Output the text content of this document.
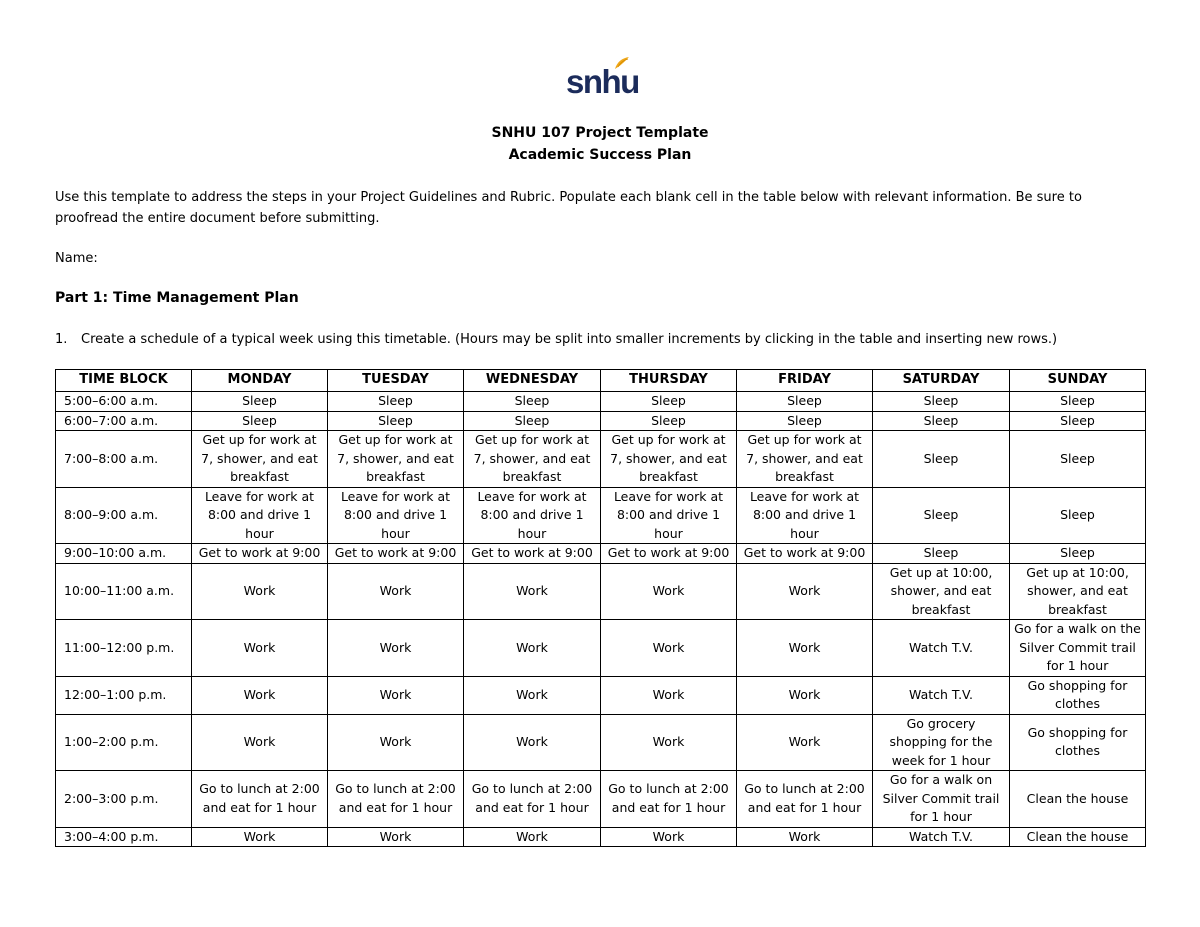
snhu
SNHU 107 Project Template
Academic Success Plan
Use this template to address the steps in your Project Guidelines and Rubric. Populate each blank cell in the table below with relevant information. Be sure to proofread the entire document before submitting.
Name:
Part 1: Time Management Plan
1. Create a schedule of a typical week using this timetable. (Hours may be split into smaller increments by clicking in the table and inserting new rows.)
TIME BLOCK	MONDAY	TUESDAY	WEDNESDAY	THURSDAY	FRIDAY	SATURDAY	SUNDAY
5:00–6:00 a.m.	Sleep	Sleep	Sleep	Sleep	Sleep	Sleep	Sleep
6:00–7:00 a.m.	Sleep	Sleep	Sleep	Sleep	Sleep	Sleep	Sleep
7:00–8:00 a.m.	Get up for work at 7, shower, and eat breakfast	Get up for work at 7, shower, and eat breakfast	Get up for work at 7, shower, and eat breakfast	Get up for work at 7, shower, and eat breakfast	Get up for work at 7, shower, and eat breakfast	Sleep	Sleep
8:00–9:00 a.m.	Leave for work at 8:00 and drive 1 hour	Leave for work at 8:00 and drive 1 hour	Leave for work at 8:00 and drive 1 hour	Leave for work at 8:00 and drive 1 hour	Leave for work at 8:00 and drive 1 hour	Sleep	Sleep
9:00–10:00 a.m.	Get to work at 9:00	Get to work at 9:00	Get to work at 9:00	Get to work at 9:00	Get to work at 9:00	Sleep	Sleep
10:00–11:00 a.m.	Work	Work	Work	Work	Work	Get up at 10:00, shower, and eat breakfast	Get up at 10:00, shower, and eat breakfast
11:00–12:00 p.m.	Work	Work	Work	Work	Work	Watch T.V.	Go for a walk on the Silver Commit trail for 1 hour
12:00–1:00 p.m.	Work	Work	Work	Work	Work	Watch T.V.	Go shopping for clothes
1:00–2:00 p.m.	Work	Work	Work	Work	Work	Go grocery shopping for the week for 1 hour	Go shopping for clothes
2:00–3:00 p.m.	Go to lunch at 2:00 and eat for 1 hour	Go to lunch at 2:00 and eat for 1 hour	Go to lunch at 2:00 and eat for 1 hour	Go to lunch at 2:00 and eat for 1 hour	Go to lunch at 2:00 and eat for 1 hour	Go for a walk on Silver Commit trail for 1 hour	Clean the house
3:00–4:00 p.m.	Work	Work	Work	Work	Work	Watch T.V.	Clean the house
